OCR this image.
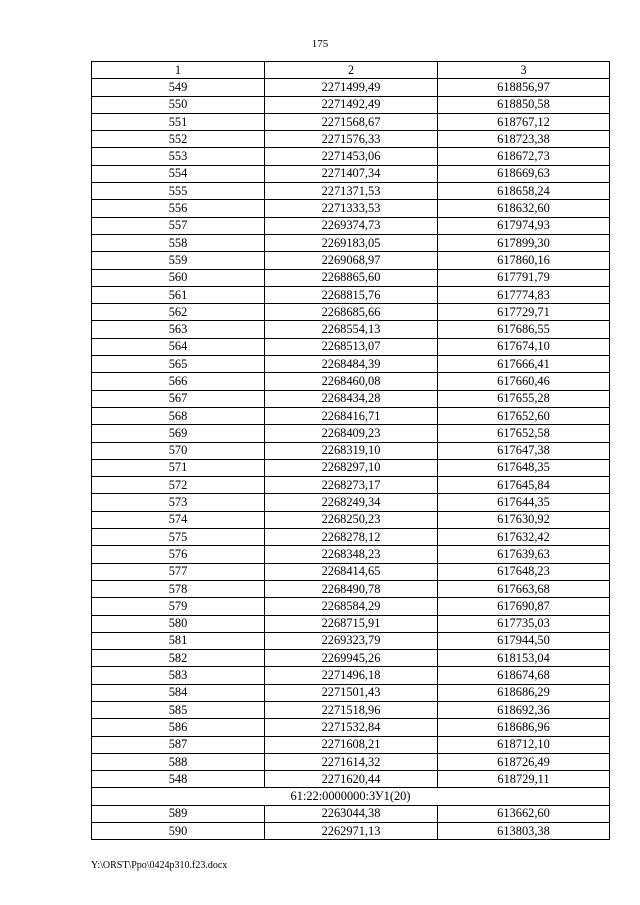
175
1	2	3
549	2271499,49	618856,97
550	2271492,49	618850,58
551	2271568,67	618767,12
552	2271576,33	618723,38
553	2271453,06	618672,73
554	2271407,34	618669,63
555	2271371,53	618658,24
556	2271333,53	618632,60
557	2269374,73	617974,93
558	2269183,05	617899,30
559	2269068,97	617860,16
560	2268865,60	617791,79
561	2268815,76	617774,83
562	2268685,66	617729,71
563	2268554,13	617686,55
564	2268513,07	617674,10
565	2268484,39	617666,41
566	2268460,08	617660,46
567	2268434,28	617655,28
568	2268416,71	617652,60
569	2268409,23	617652,58
570	2268319,10	617647,38
571	2268297,10	617648,35
572	2268273,17	617645,84
573	2268249,34	617644,35
574	2268250,23	617630,92
575	2268278,12	617632,42
576	2268348,23	617639,63
577	2268414,65	617648,23
578	2268490,78	617663,68
579	2268584,29	617690,87
580	2268715,91	617735,03
581	2269323,79	617944,50
582	2269945,26	618153,04
583	2271496,18	618674,68
584	2271501,43	618686,29
585	2271518,96	618692,36
586	2271532,84	618686,96
587	2271608,21	618712,10
588	2271614,32	618726,49
548	2271620,44	618729,11
61:22:0000000:ЗУ1(20)		
589	2263044,38	613662,60
590	2262971,13	613803,38
Y:\ORST\Ppo\0424p310.f23.docx
